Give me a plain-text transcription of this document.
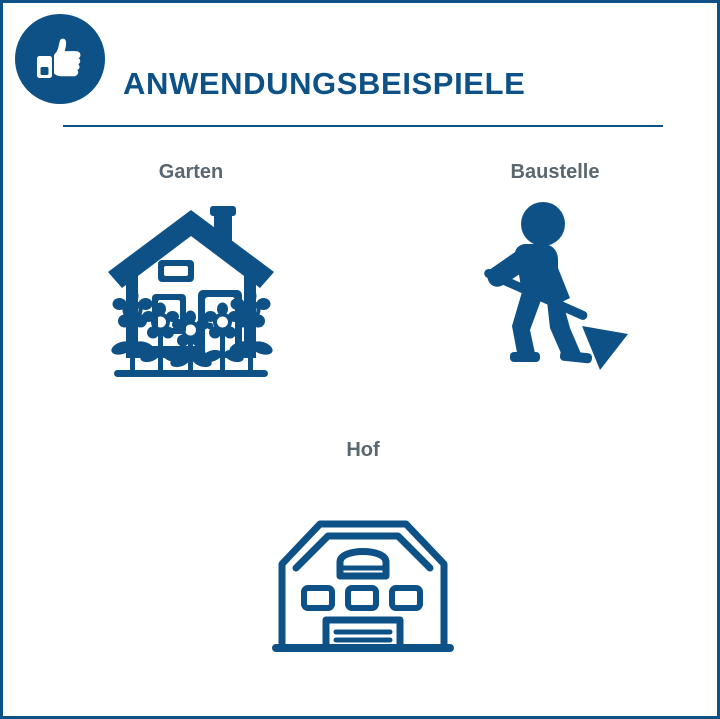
ANWENDUNGSBEISPIELE
Garten	Baustelle
Hof
